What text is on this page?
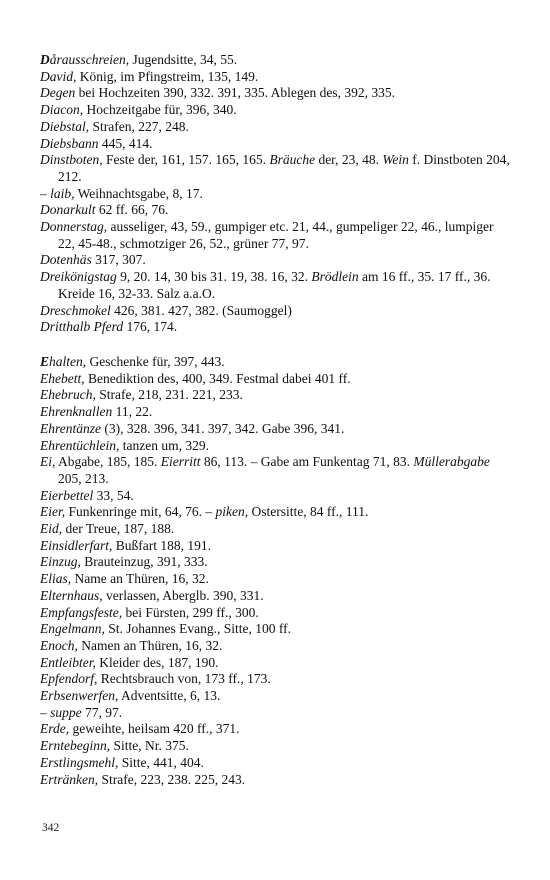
Dårausschreien, Jugendsitte, 34, 55.
David, König, im Pfingstreim, 135, 149.
Degen bei Hochzeiten 390, 332. 391, 335. Ablegen des, 392, 335.
Diacon, Hochzeitgabe für, 396, 340.
Diebstal, Strafen, 227, 248.
Diebsbann 445, 414.
Dinstboten, Feste der, 161, 157. 165, 165. Bräuche der, 23, 48. Wein f. Dinstboten 204, 212.
– laib, Weihnachtsgabe, 8, 17.
Donarkult 62 ff. 66, 76.
Donnerstag, ausseliger, 43, 59., gumpiger etc. 21, 44., gumpeliger 22, 46., lumpiger 22, 45-48., schmotziger 26, 52., grüner 77, 97.
Dotenhäs 317, 307.
Dreikönigstag 9, 20. 14, 30 bis 31. 19, 38. 16, 32. Brödlein am 16 ff., 35. 17 ff., 36. Kreide 16, 32-33. Salz a.a.O.
Dreschmokel 426, 381. 427, 382. (Saumoggel)
Dritthalb Pferd 176, 174.
Ehalten, Geschenke für, 397, 443.
Ehebett, Benediktion des, 400, 349. Festmal dabei 401 ff.
Ehebruch, Strafe, 218, 231. 221, 233.
Ehrenknallen 11, 22.
Ehrentänze (3), 328. 396, 341. 397, 342. Gabe 396, 341.
Ehrentüchlein, tanzen um, 329.
Ei, Abgabe, 185, 185. Eierritt 86, 113. – Gabe am Funkentag 71, 83. Müllerabgabe 205, 213.
Eierbettel 33, 54.
Eier, Funkenringe mit, 64, 76. – piken, Ostersitte, 84 ff., 111.
Eid, der Treue, 187, 188.
Einsidlerfart, Bußfart 188, 191.
Einzug, Brauteinzug, 391, 333.
Elias, Name an Thüren, 16, 32.
Elternhaus, verlassen, Aberglb. 390, 331.
Empfangsfeste, bei Fürsten, 299 ff., 300.
Engelmann, St. Johannes Evang., Sitte, 100 ff.
Enoch, Namen an Thüren, 16, 32.
Entleibter, Kleider des, 187, 190.
Epfendorf, Rechtsbrauch von, 173 ff., 173.
Erbsenwerfen, Adventsitte, 6, 13.
– suppe 77, 97.
Erde, geweihte, heilsam 420 ff., 371.
Erntebeginn, Sitte, Nr. 375.
Erstlingsmehl, Sitte, 441, 404.
Ertränken, Strafe, 223, 238. 225, 243.
342
